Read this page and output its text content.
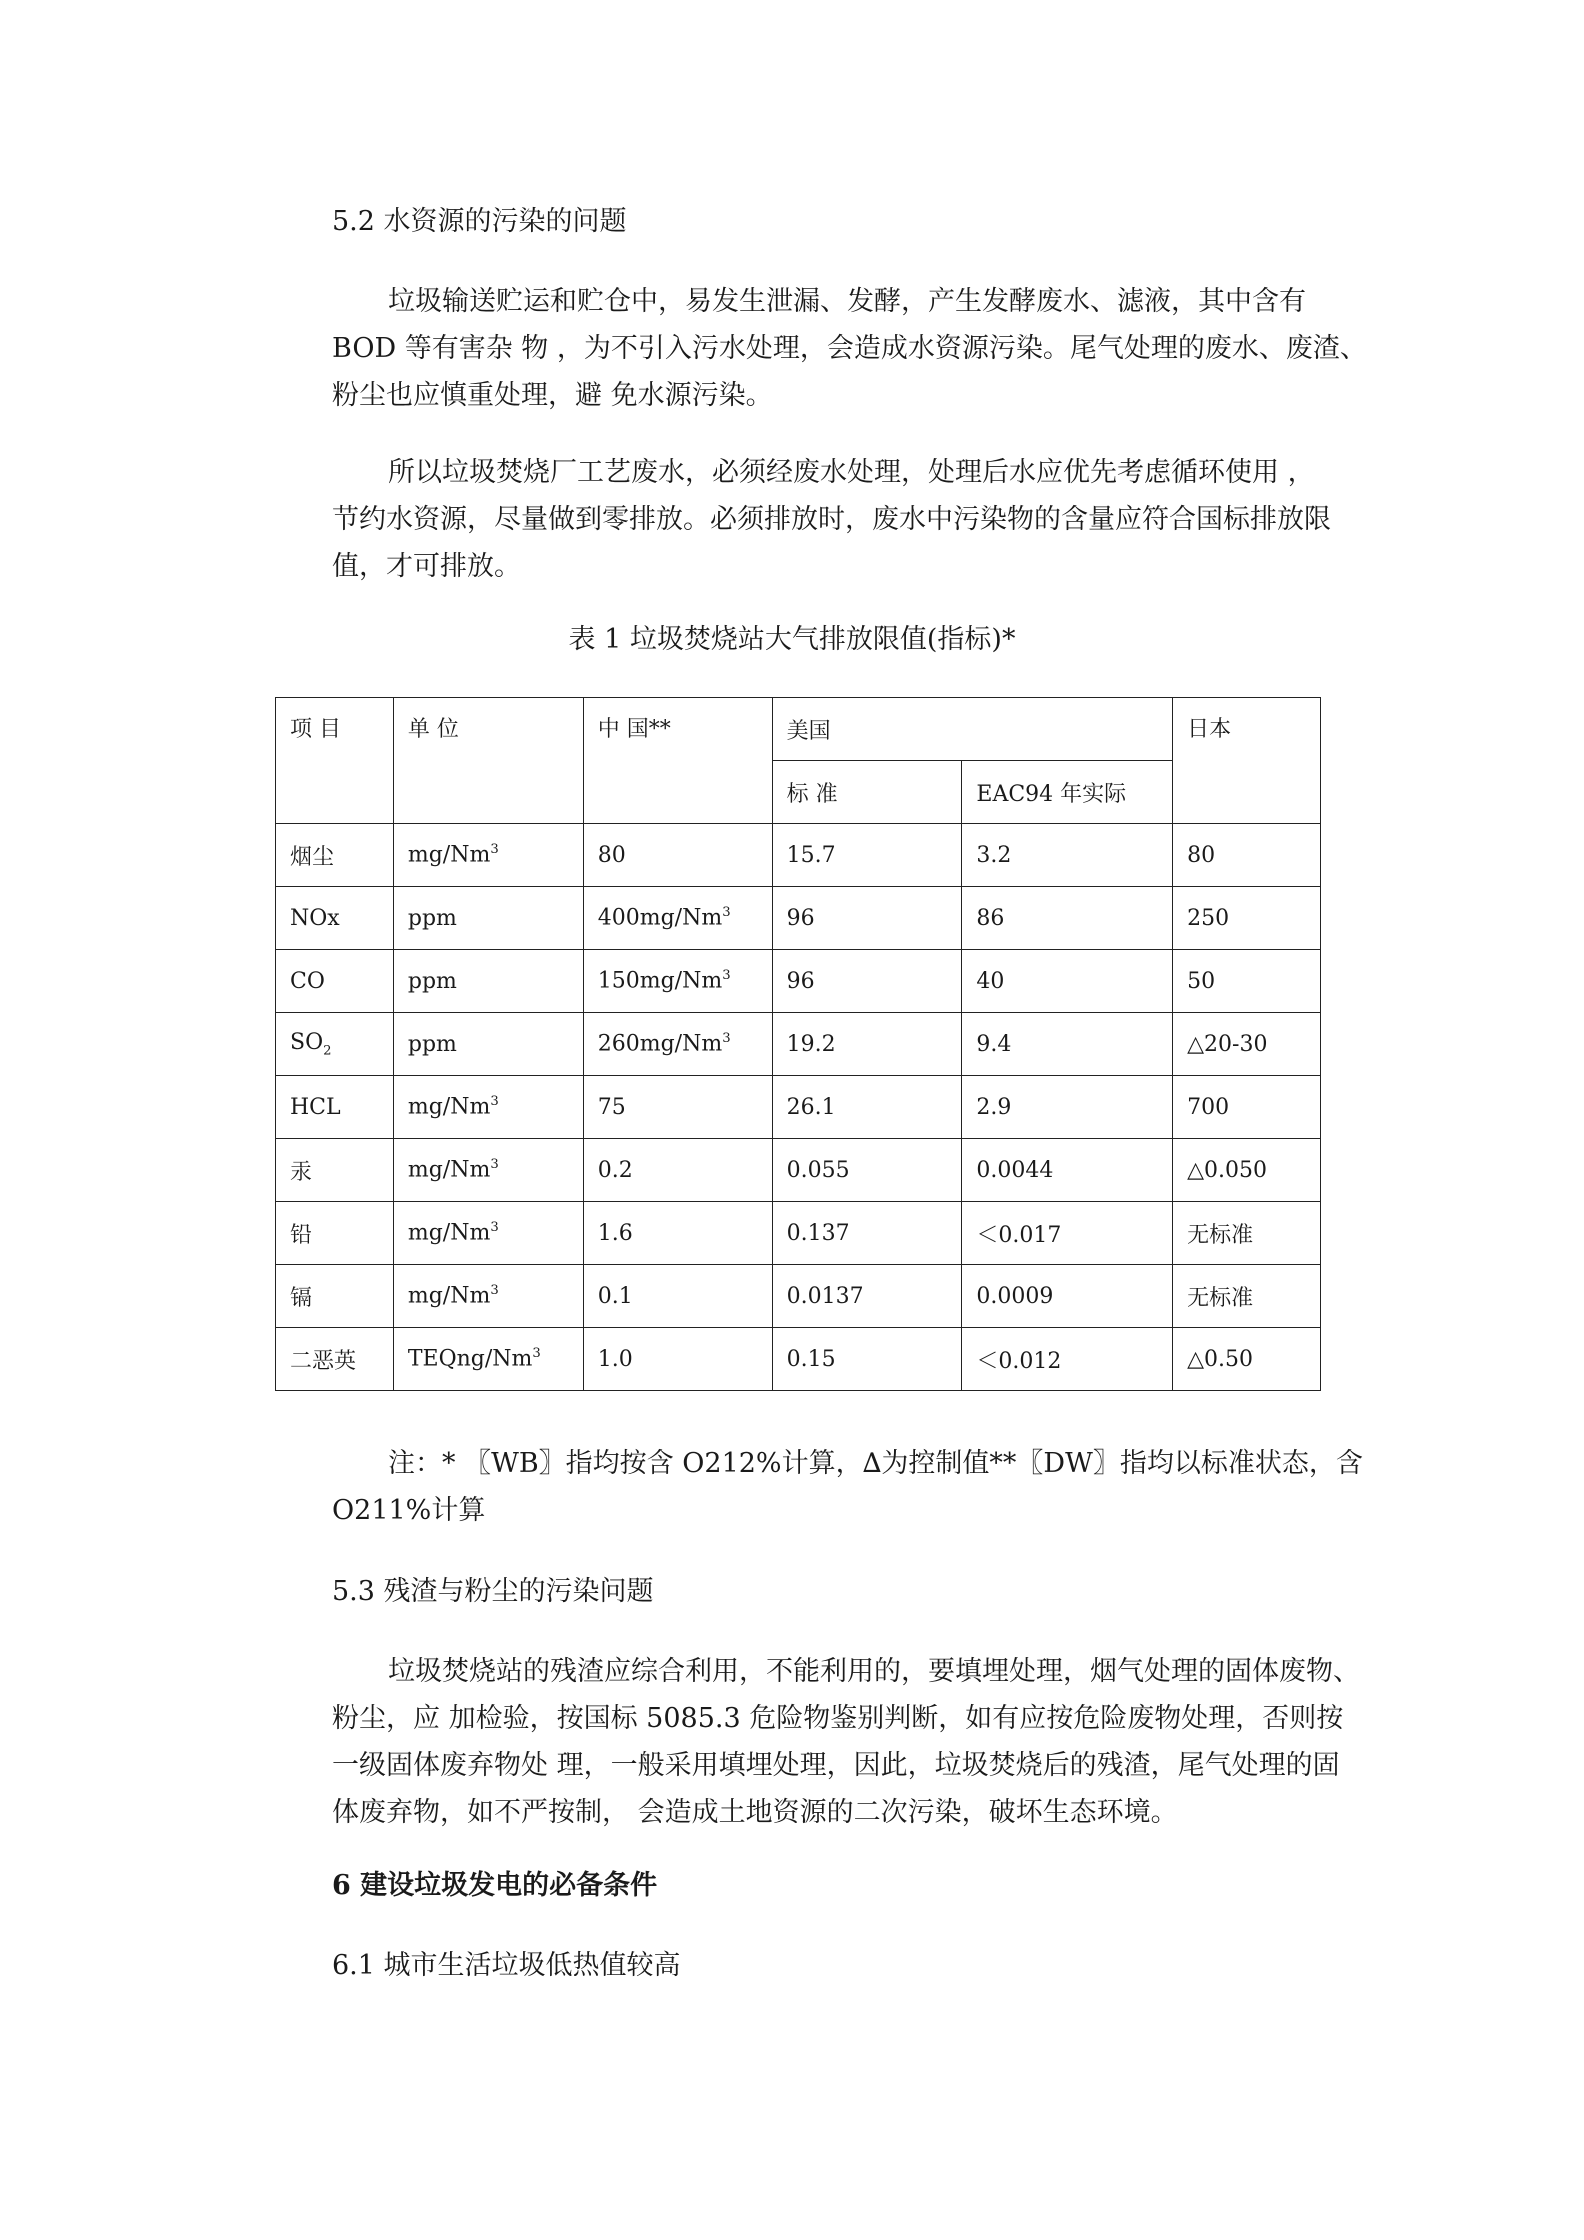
5.2 水资源的污染的问题
垃圾输送贮运和贮仓中，易发生泄漏、发酵，产生发酵废水、滤液，其中含有
BOD 等有害杂 物 ，为不引入污水处理，会造成水资源污染。尾气处理的废水、废渣、
粉尘也应慎重处理，避 免水源污染。
所以垃圾焚烧厂工艺废水，必须经废水处理，处理后水应优先考虑循环使用 ，
节约水资源，尽量做到零排放。必须排放时，废水中污染物的含量应符合国标排放限
值，才可排放。
表 1 垃圾焚烧站大气排放限值(指标)*
项 目	单 位	中 国**	美国		日本
			标 准	EAC94 年实际	
烟尘	mg/Nm$^3$	80	15.7	3.2	80
NOx	ppm	400mg/Nm$^3$	96	86	250
CO	ppm	150mg/Nm$^3$	96	40	50
$SO_2$	ppm	260mg/Nm$^3$	19.2	9.4	△20-30
HCL	mg/Nm$^3$	75	26.1	2.9	700
汞	mg/Nm$^3$	0.2	0.055	0.0044	△0.050
铅	mg/Nm$^3$	1.6	0.137	＜0.017	无标准
镉	mg/Nm$^3$	0.1	0.0137	0.0009	无标准
二恶英	TEQng/Nm$^3$	1.0	0.15	＜0.012	△0.50
注：* 〖WB〗指均按含 O212%计算，∆为控制值**〖DW〗指均以标准状态，含
O211%计算
5.3 残渣与粉尘的污染问题
垃圾焚烧站的残渣应综合利用，不能利用的，要填埋处理，烟气处理的固体废物、
粉尘，应 加检验，按国标 5085.3 危险物鉴别判断，如有应按危险废物处理，否则按
一级固体废弃物处 理，一般采用填埋处理，因此，垃圾焚烧后的残渣，尾气处理的固
体废弃物，如不严按制， 会造成土地资源的二次污染，破坏生态环境。
6 建设垃圾发电的必备条件
6.1 城市生活垃圾低热值较高
